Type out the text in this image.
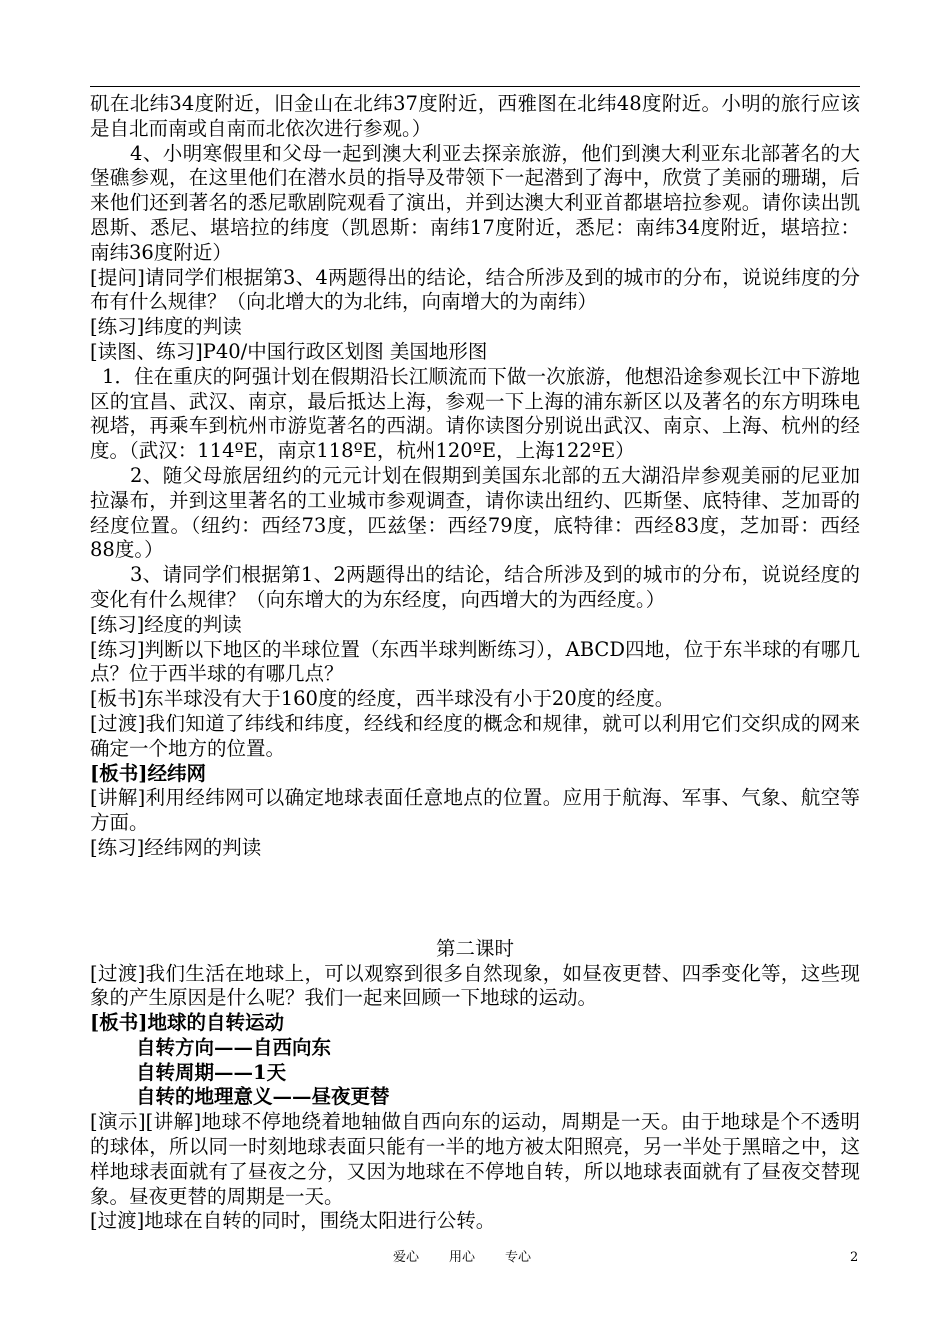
矶在北纬34度附近，旧金山在北纬37度附近，西雅图在北纬48度附近。小明的旅行应该是自北而南或自南而北依次进行参观。）

4、小明寒假里和父母一起到澳大利亚去探亲旅游，他们到澳大利亚东北部著名的大堡礁参观，在这里他们在潜水员的指导及带领下一起潜到了海中，欣赏了美丽的珊瑚，后来他们还到著名的悉尼歌剧院观看了演出，并到达澳大利亚首都堪培拉参观。请你读出凯恩斯、悉尼、堪培拉的纬度（凯恩斯：南纬17度附近，悉尼：南纬34度附近，堪培拉：南纬36度附近）

[提问]请同学们根据第3、4两题得出的结论，结合所涉及到的城市的分布，说说纬度的分布有什么规律？（向北增大的为北纬，向南增大的为南纬）

[练习]纬度的判读

[读图、练习]P40/中国行政区划图 美国地形图

1．住在重庆的阿强计划在假期沿长江顺流而下做一次旅游，他想沿途参观长江中下游地区的宜昌、武汉、南京，最后抵达上海，参观一下上海的浦东新区以及著名的东方明珠电视塔，再乘车到杭州市游览著名的西湖。请你读图分别说出武汉、南京、上海、杭州的经度。（武汉：114ºE，南京118ºE，杭州120ºE，上海122ºE）

2、随父母旅居纽约的元元计划在假期到美国东北部的五大湖沿岸参观美丽的尼亚加拉瀑布，并到这里著名的工业城市参观调查，请你读出纽约、匹斯堡、底特律、芝加哥的经度位置。（纽约：西经73度，匹兹堡：西经79度，底特律：西经83度，芝加哥：西经88度。）

3、请同学们根据第1、2两题得出的结论，结合所涉及到的城市的分布，说说经度的变化有什么规律？（向东增大的为东经度，向西增大的为西经度。）

[练习]经度的判读

[练习]判断以下地区的半球位置（东西半球判断练习），ABCD四地，位于东半球的有哪几点？位于西半球的有哪几点？

[板书]东半球没有大于160度的经度，西半球没有小于20度的经度。

[过渡]我们知道了纬线和纬度，经线和经度的概念和规律，就可以利用它们交织成的网来确定一个地方的位置。

[板书]经纬网

[讲解]利用经纬网可以确定地球表面任意地点的位置。应用于航海、军事、气象、航空等方面。

[练习]经纬网的判读

第二课时

[过渡]我们生活在地球上，可以观察到很多自然现象，如昼夜更替、四季变化等，这些现象的产生原因是什么呢？我们一起来回顾一下地球的运动。

[板书]地球的自转运动

自转方向——自西向东

自转周期——1天

自转的地理意义——昼夜更替

[演示][讲解]地球不停地绕着地轴做自西向东的运动，周期是一天。由于地球是个不透明的球体，所以同一时刻地球表面只能有一半的地方被太阳照亮，另一半处于黑暗之中，这样地球表面就有了昼夜之分，又因为地球在不停地自转，所以地球表面就有了昼夜交替现象。昼夜更替的周期是一天。

[过渡]地球在自转的同时，围绕太阳进行公转。

爱心 用心 专心	2
